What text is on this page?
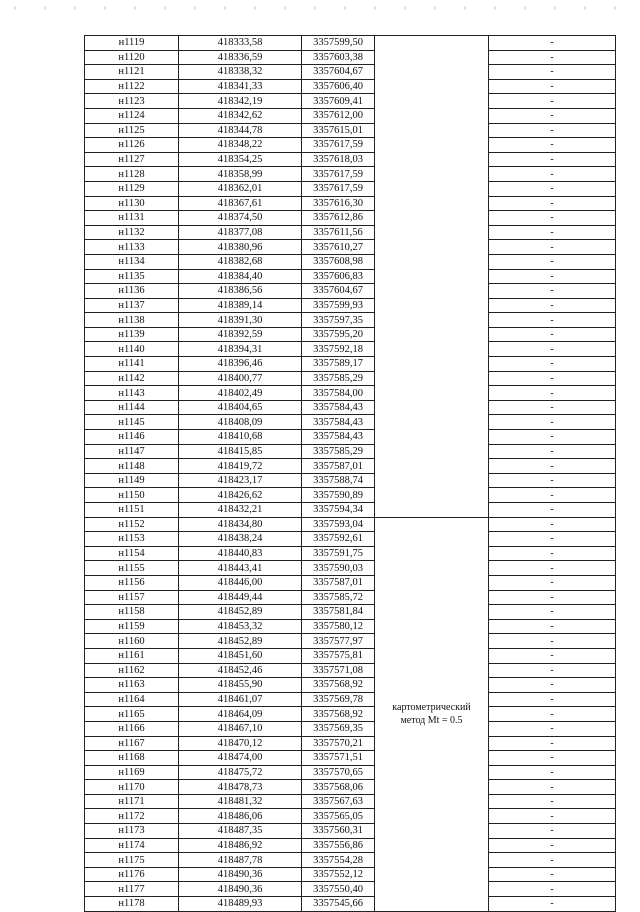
н1119	418333,58	3357599,50		-
н1120	418336,59	3357603,38		-
н1121	418338,32	3357604,67		-
н1122	418341,33	3357606,40		-
н1123	418342,19	3357609,41		-
н1124	418342,62	3357612,00		-
н1125	418344,78	3357615,01		-
н1126	418348,22	3357617,59		-
н1127	418354,25	3357618,03		-
н1128	418358,99	3357617,59		-
н1129	418362,01	3357617,59		-
н1130	418367,61	3357616,30		-
н1131	418374,50	3357612,86		-
н1132	418377,08	3357611,56		-
н1133	418380,96	3357610,27		-
н1134	418382,68	3357608,98		-
н1135	418384,40	3357606,83		-
н1136	418386,56	3357604,67		-
н1137	418389,14	3357599,93		-
н1138	418391,30	3357597,35		-
н1139	418392,59	3357595,20		-
н1140	418394,31	3357592,18		-
н1141	418396,46	3357589,17		-
н1142	418400,77	3357585,29		-
н1143	418402,49	3357584,00		-
н1144	418404,65	3357584,43		-
н1145	418408,09	3357584,43		-
н1146	418410,68	3357584,43		-
н1147	418415,85	3357585,29		-
н1148	418419,72	3357587,01		-
н1149	418423,17	3357588,74		-
н1150	418426,62	3357590,89		-
н1151	418432,21	3357594,34		-
н1152	418434,80	3357593,04	картометрический
метод Mt = 0.5	-
н1153	418438,24	3357592,61		-
н1154	418440,83	3357591,75		-
н1155	418443,41	3357590,03		-
н1156	418446,00	3357587,01		-
н1157	418449,44	3357585,72		-
н1158	418452,89	3357581,84		-
н1159	418453,32	3357580,12		-
н1160	418452,89	3357577,97		-
н1161	418451,60	3357575,81		-
н1162	418452,46	3357571,08		-
н1163	418455,90	3357568,92		-
н1164	418461,07	3357569,78		-
н1165	418464,09	3357568,92		-
н1166	418467,10	3357569,35		-
н1167	418470,12	3357570,21		-
н1168	418474,00	3357571,51		-
н1169	418475,72	3357570,65		-
н1170	418478,73	3357568,06		-
н1171	418481,32	3357567,63		-
н1172	418486,06	3357565,05		-
н1173	418487,35	3357560,31		-
н1174	418486,92	3357556,86		-
н1175	418487,78	3357554,28		-
н1176	418490,36	3357552,12		-
н1177	418490,36	3357550,40		-
н1178	418489,93	3357545,66		-
